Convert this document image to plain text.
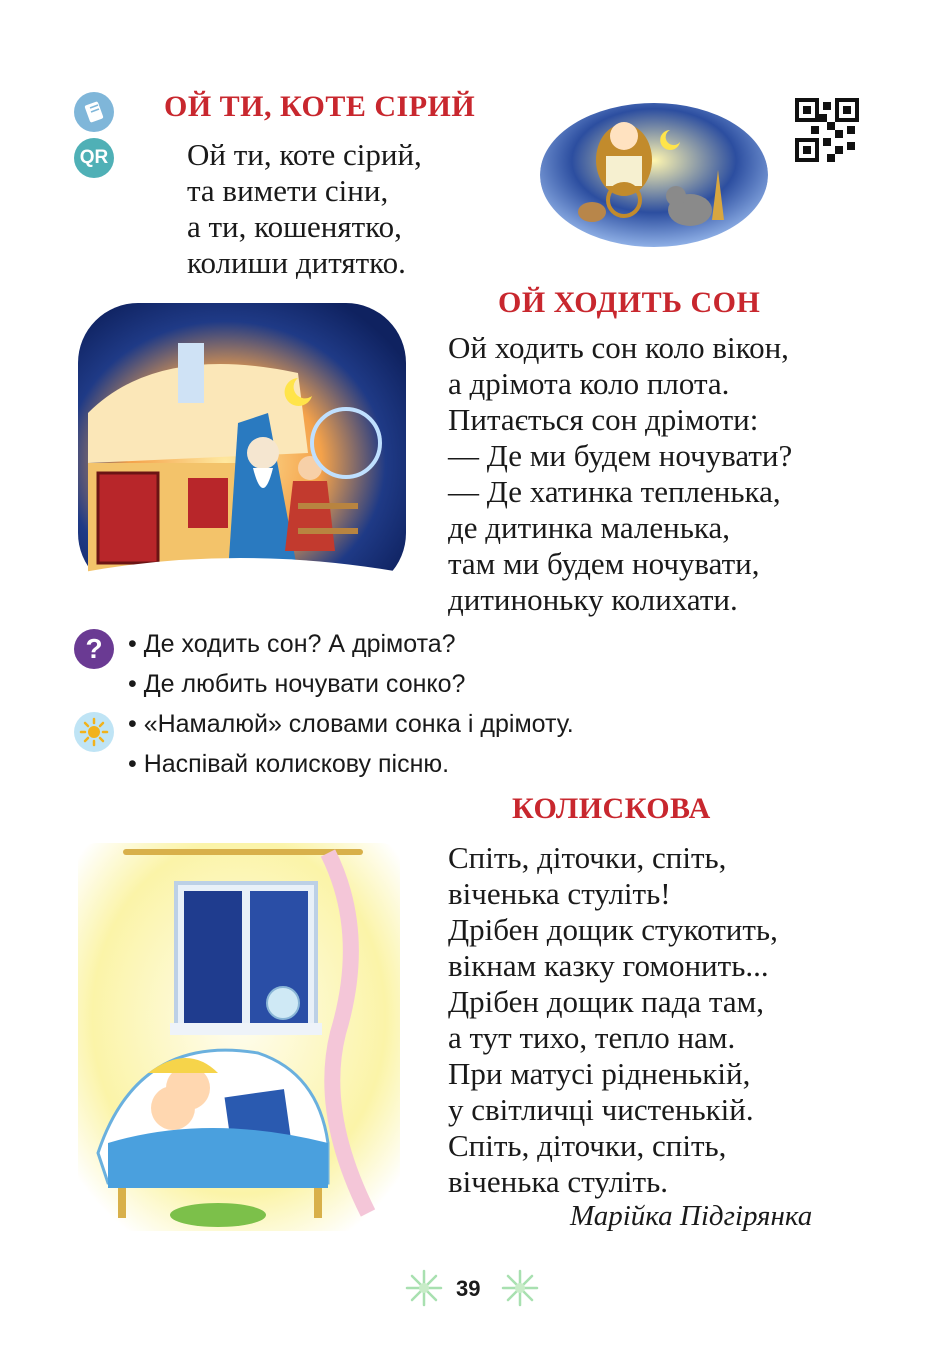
QR
ОЙ ТИ, КОТЕ СІРИЙ
Ой ти, коте сірий,
та вимети сіни,
а ти, кошенятко,
колиши дитятко.
ОЙ ХОДИТЬ СОН
Ой ходить сон коло вікон,
а дрімота коло плота.
Питається сон дрімоти:
— Де ми будем ночувати?
— Де хатинка тепленька,
де дитинка маленька,
там ми будем ночувати,
дитиноньку колихати.
? • Де ходить сон? А дрімота?
• Де любить ночувати сонко?
• «Намалюй» словами сонка і дрімоту.
• Наспівай колискову пісню.
КОЛИСКОВА
Спіть, діточки, спіть,
віченька стуліть!
Дрібен дощик стукотить,
вікнам казку гомонить...
Дрібен дощик пада там,
а тут тихо, тепло нам.
При матусі рідненькій,
у світличці чистенькій.
Спіть, діточки, спіть,
віченька стуліть.
Марійка Підгірянка
39
